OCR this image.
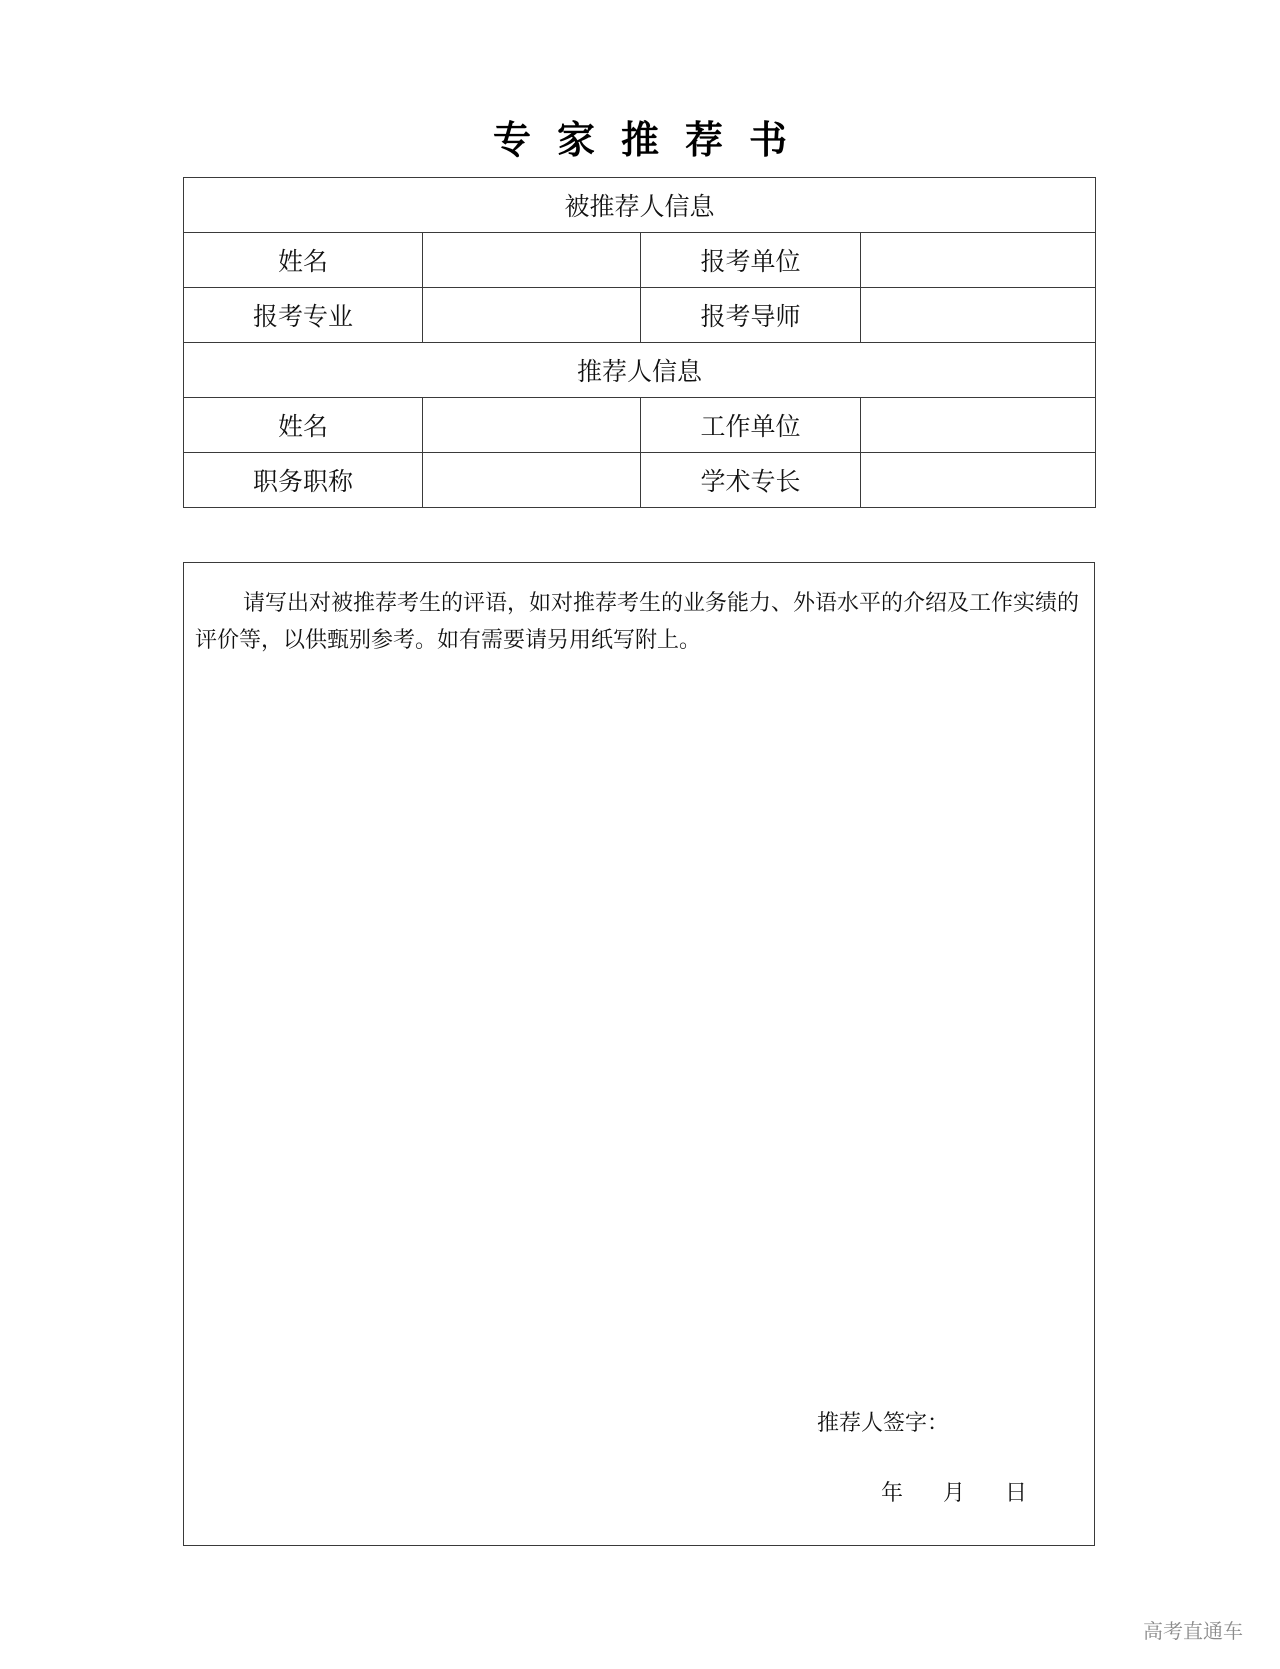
专家推荐书
被推荐人信息			
姓名		报考单位	
报考专业		报考导师	
推荐人信息			
姓名		工作单位	
职务职称		学术专长	

请写出对被推荐考生的评语，如对推荐考生的业务能力、外语水平的介绍及工作实绩的评价等，以供甄别参考。如有需要请另用纸写附上。

推荐人签字：
年	月	日
高考直通车
